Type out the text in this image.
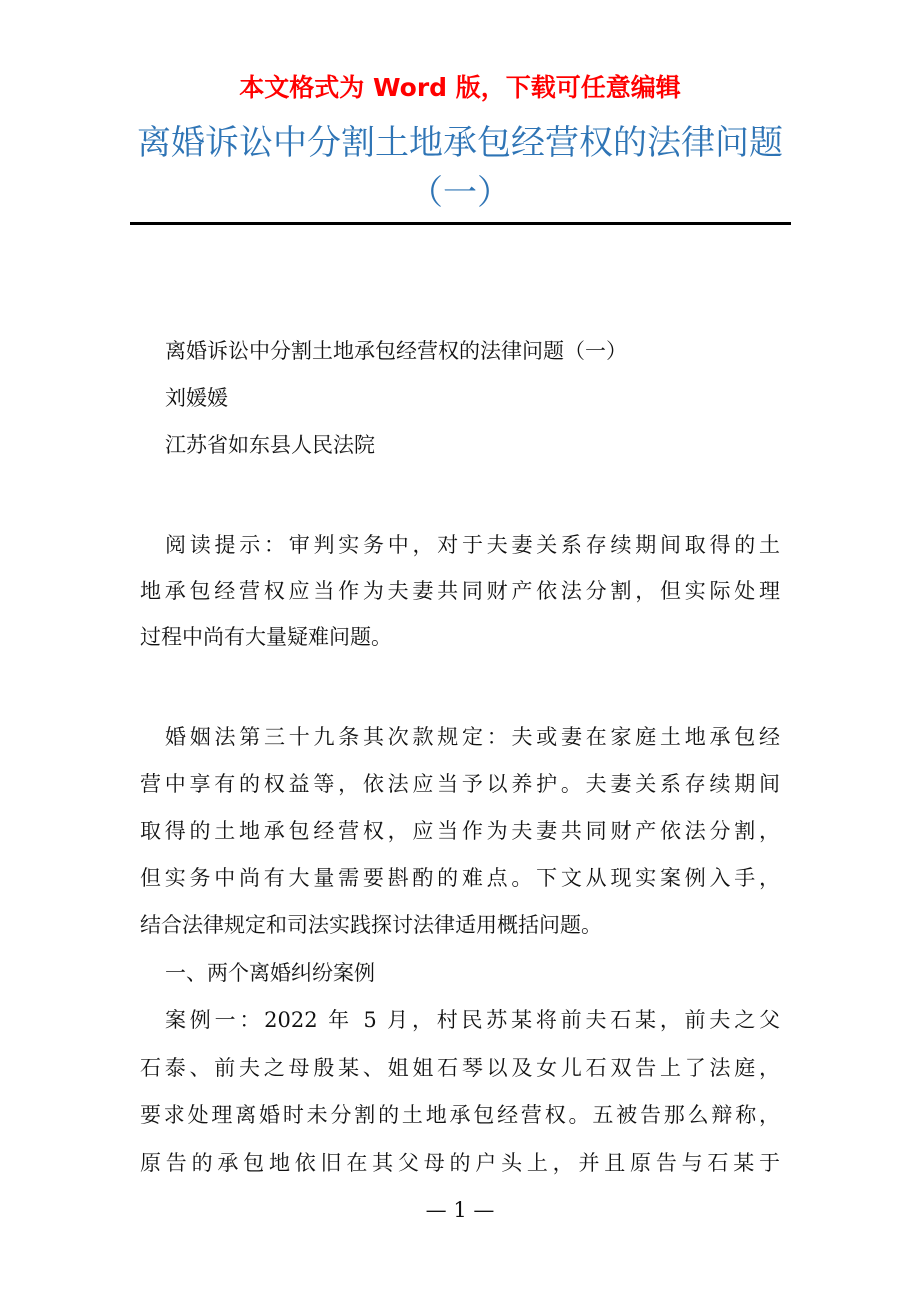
本文格式为 Word 版，下载可任意编辑
离婚诉讼中分割土地承包经营权的法律问题（一）
离婚诉讼中分割土地承包经营权的法律问题（一）
刘媛媛
江苏省如东县人民法院
阅读提示：审判实务中，对于夫妻关系存续期间取得的土
地承包经营权应当作为夫妻共同财产依法分割，但实际处理
过程中尚有大量疑难问题。
婚姻法第三十九条其次款规定：夫或妻在家庭土地承包经
营中享有的权益等，依法应当予以养护。夫妻关系存续期间
取得的土地承包经营权，应当作为夫妻共同财产依法分割，
但实务中尚有大量需要斟酌的难点。下文从现实案例入手，
结合法律规定和司法实践探讨法律适用概括问题。
一、两个离婚纠纷案例
案例一：2022 年 5 月，村民苏某将前夫石某，前夫之父
石泰、前夫之母殷某、姐姐石琴以及女儿石双告上了法庭，
要求处理离婚时未分割的土地承包经营权。五被告那么辩称，
原告的承包地依旧在其父母的户头上，并且原告与石某于
— 1 —
